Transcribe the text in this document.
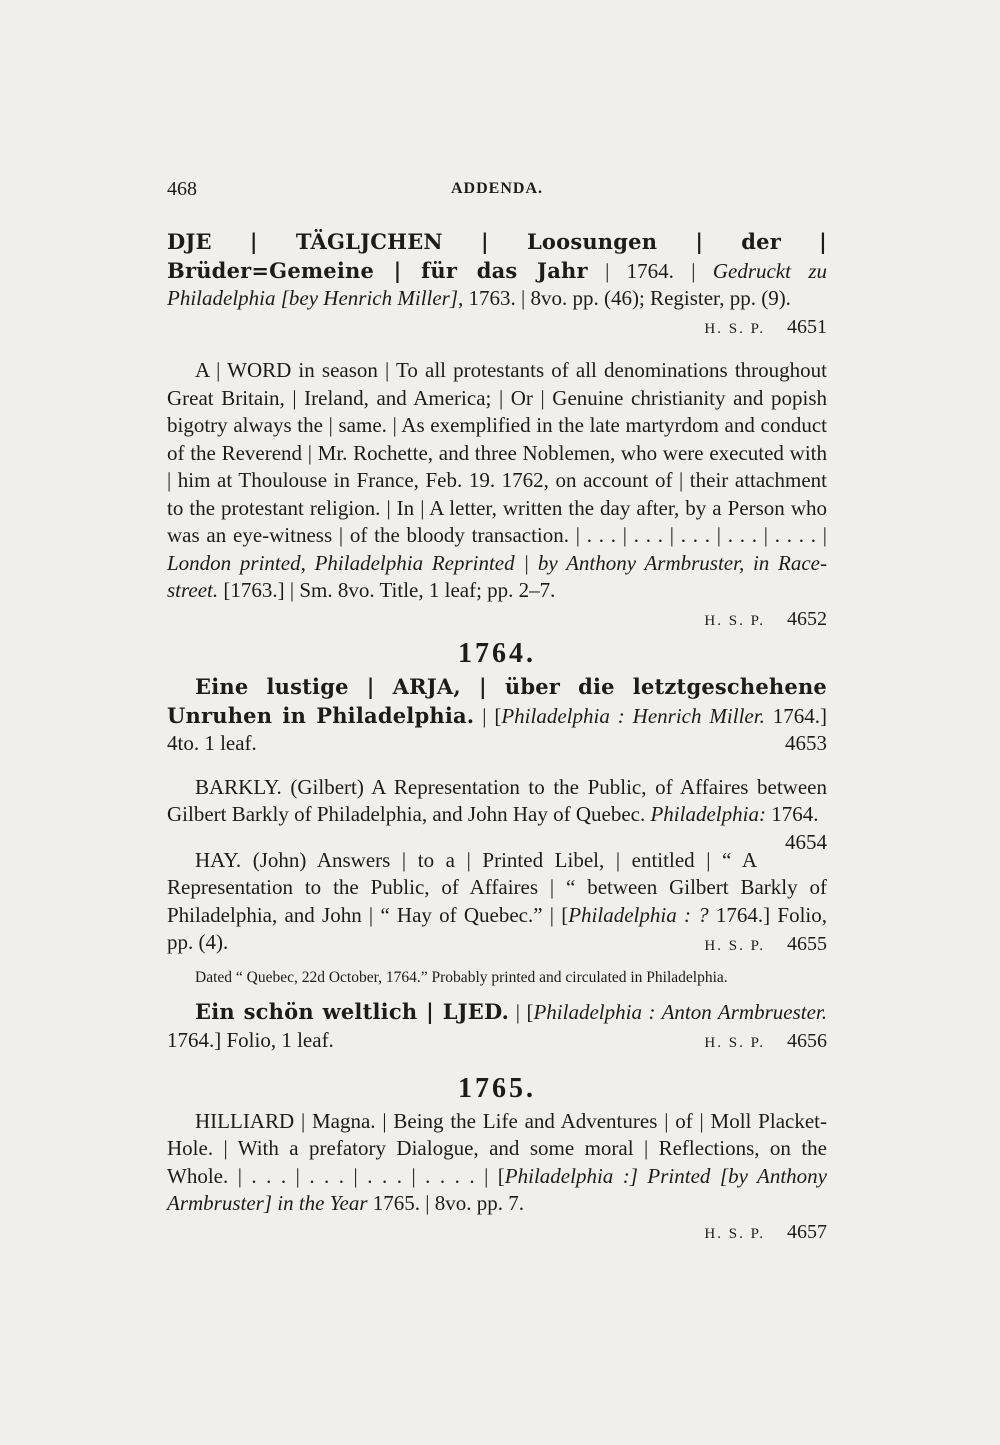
468	ADDENDA.

DJE | TÄGLJCHEN | Loosungen | der | Brüder=Gemeine | für das Jahr | 1764. | Gedruckt zu Philadelphia [bey Henrich Miller], 1763. | 8vo. pp. (46); Register, pp. (9).
H. S. P. 4651

A | WORD in season | To all protestants of all denominations throughout Great Britain, | Ireland, and America; | Or | Genuine christianity and popish bigotry always the | same. | As exemplified in the late martyrdom and conduct of the Reverend | Mr. Rochette, and three Noblemen, who were executed with | him at Thoulouse in France, Feb. 19. 1762, on account of | their attachment to the protestant religion. | In | A letter, written the day after, by a Person who was an eye-witness | of the bloody transaction. | . . . | . . . | . . . | . . . | . . . . | London printed, Philadelphia Reprinted | by Anthony Armbruster, in Race-street. [1763.] | Sm. 8vo. Title, 1 leaf; pp. 2–7.
H. S. P. 4652

1764.

Eine lustige | ARJA, | über die letztgeschehene Unruhen in Philadelphia. | [Philadelphia : Henrich Miller. 1764.] 4to. 1 leaf.	4653

BARKLY. (Gilbert) A Representation to the Public, of Affaires between Gilbert Barkly of Philadelphia, and John Hay of Quebec. Philadelphia: 1764.
4654

HAY. (John) Answers | to a | Printed Libel, | entitled | “ A Representation to the Public, of Affaires | “ between Gilbert Barkly of Philadelphia, and John | “ Hay of Quebec.” | [Philadelphia : ? 1764.] Folio, pp. (4).	H. S. P. 4655

Dated “ Quebec, 22d October, 1764.” Probably printed and circulated in Philadelphia.

Ein schön weltlich | LJED. | [Philadelphia : Anton Armbruester. 1764.] Folio, 1 leaf.	H. S. P. 4656

1765.

HILLIARD | Magna. | Being the Life and Adventures | of | Moll Placket-Hole. | With a prefatory Dialogue, and some moral | Reflections, on the Whole. | . . . | . . . | . . . | . . . . | [Philadelphia :] Printed [by Anthony Armbruster] in the Year 1765. | 8vo. pp. 7.
H. S. P. 4657
